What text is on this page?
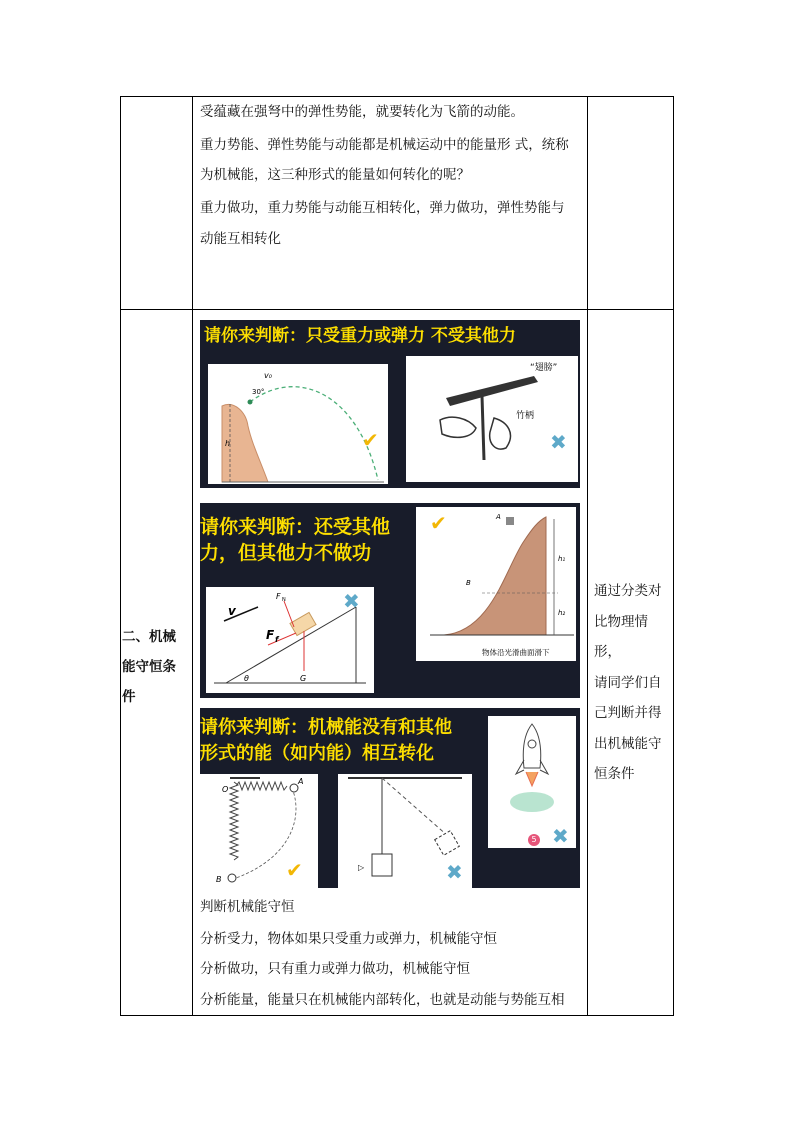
受蕴藏在强弩中的弹性势能，就要转化为飞箭的动能。
重力势能、弹性势能与动能都是机械运动中的能量形 式，统称
为机械能，这三种形式的能量如何转化的呢？
重力做功，重力势能与动能互相转化，弹力做功，弹性势能与
动能互相转化
二、机械
能守恒条
件
通过分类对
比物理情形，
请同学们自
己判断并得
出机械能守
恒条件
请你来判断：只受重力或弹力 不受其他力
h
v₀
30°
✔
“翅膀”
竹柄
✖
请你来判断：还受其他
力，但其他力不做功
v
F N
F f
G
θ
✖
A
B
h₁
h₂
物体沿光滑曲面滑下
✔
请你来判断：机械能没有和其他
形式的能（如内能）相互转化
O
A
B	✔	▷	✖
5 ✖
判断机械能守恒
分析受力，物体如果只受重力或弹力，机械能守恒
分析做功，只有重力或弹力做功，机械能守恒
分析能量，能量只在机械能内部转化，也就是动能与势能互相
